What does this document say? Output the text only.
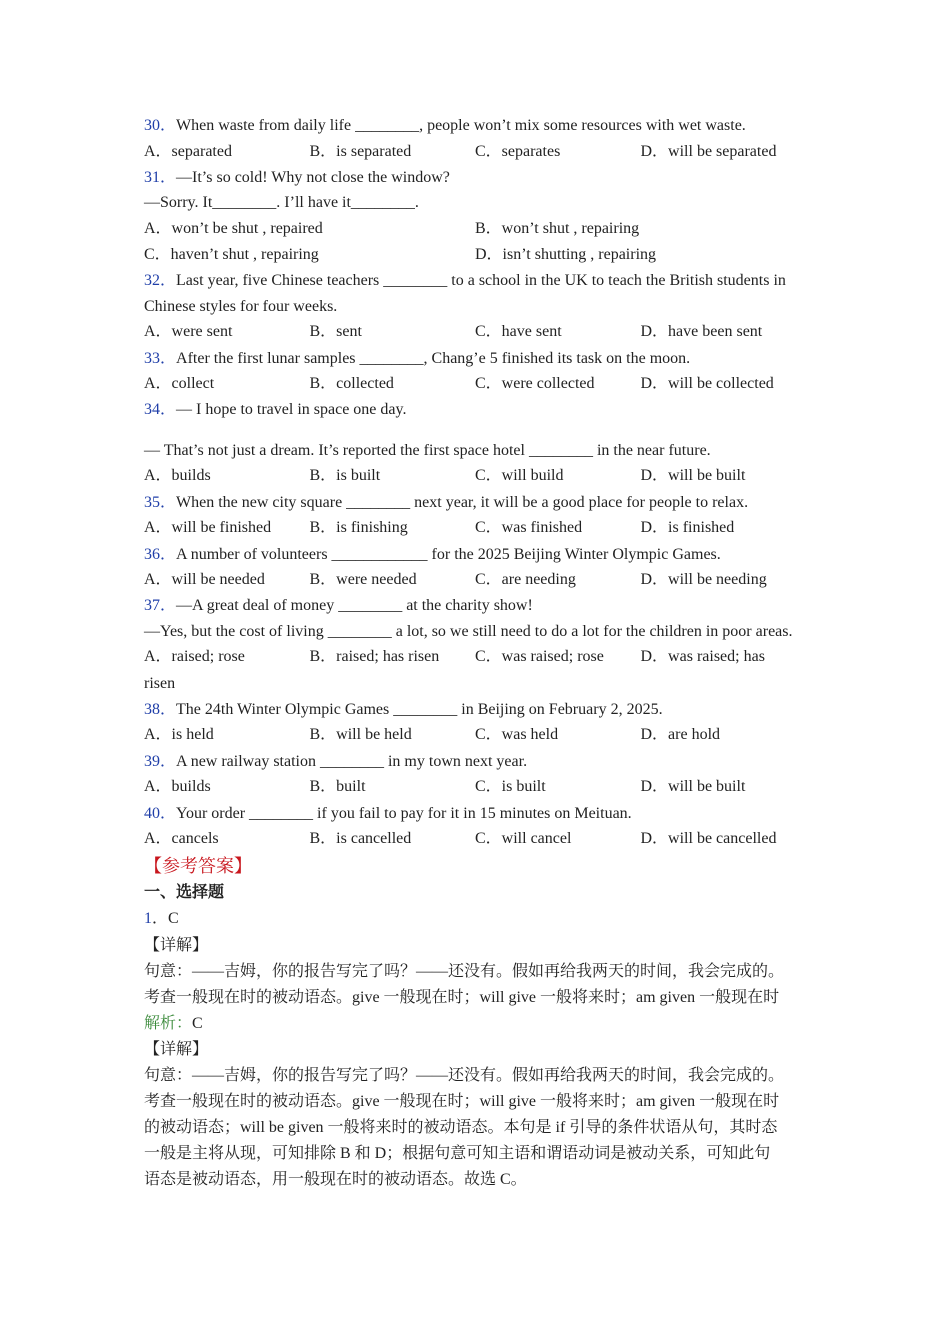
30．When waste from daily life ________, people won’t mix some resources with wet waste.
A．separated	B．is separated	C．separates	D．will be separated
31．—It’s so cold! Why not close the window?
—Sorry. It________. I’ll have it________.
A．won’t be shut , repaired	B．won’t shut , repairing
C．haven’t shut , repairing	D．isn’t shutting , repairing
32．Last year, five Chinese teachers ________ to a school in the UK to teach the British students in Chinese styles for four weeks.
A．were sent	B．sent	C．have sent	D．have been sent
33．After the first lunar samples ________, Chang’e 5 finished its task on the moon.
A．collect	B．collected	C．were collected	D．will be collected
34．— I hope to travel in space one day.
— That’s not just a dream. It’s reported the first space hotel ________ in the near future.
A．builds	B．is built	C．will build	D．will be built
35．When the new city square ________ next year, it will be a good place for people to relax.
A．will be finished	B．is finishing	C．was finished	D．is finished
36．A number of volunteers ____________ for the 2025 Beijing Winter Olympic Games.
A．will be needed	B．were needed	C．are needing	D．will be needing
37．—A great deal of money ________ at the charity show!
—Yes, but the cost of living ________ a lot, so we still need to do a lot for the children in poor areas.
A．raised; rose	B．raised; has risen	C．was raised; rose	D．was raised; has
risen
38．The 24th Winter Olympic Games ________ in Beijing on February 2, 2025.
A．is held	B．will be held	C．was held	D．are hold
39．A new railway station ________ in my town next year.
A．builds	B．built	C．is built	D．will be built
40．Your order ________ if you fail to pay for it in 15 minutes on Meituan.
A．cancels	B．is cancelled	C．will cancel	D．will be cancelled
【参考答案】
一、选择题
1．C
【详解】
句意：——吉姆，你的报告写完了吗？——还没有。假如再给我两天的时间，我会完成的。
考查一般现在时的被动语态。give 一般现在时；will give 一般将来时；am given 一般现在时
解析：C
【详解】
句意：——吉姆，你的报告写完了吗？——还没有。假如再给我两天的时间，我会完成的。
考查一般现在时的被动语态。give 一般现在时；will give 一般将来时；am given 一般现在时
的被动语态；will be given 一般将来时的被动语态。本句是 if 引导的条件状语从句，其时态
一般是主将从现，可知排除 B 和 D；根据句意可知主语和谓语动词是被动关系，可知此句
语态是被动语态，用一般现在时的被动语态。故选 C。
